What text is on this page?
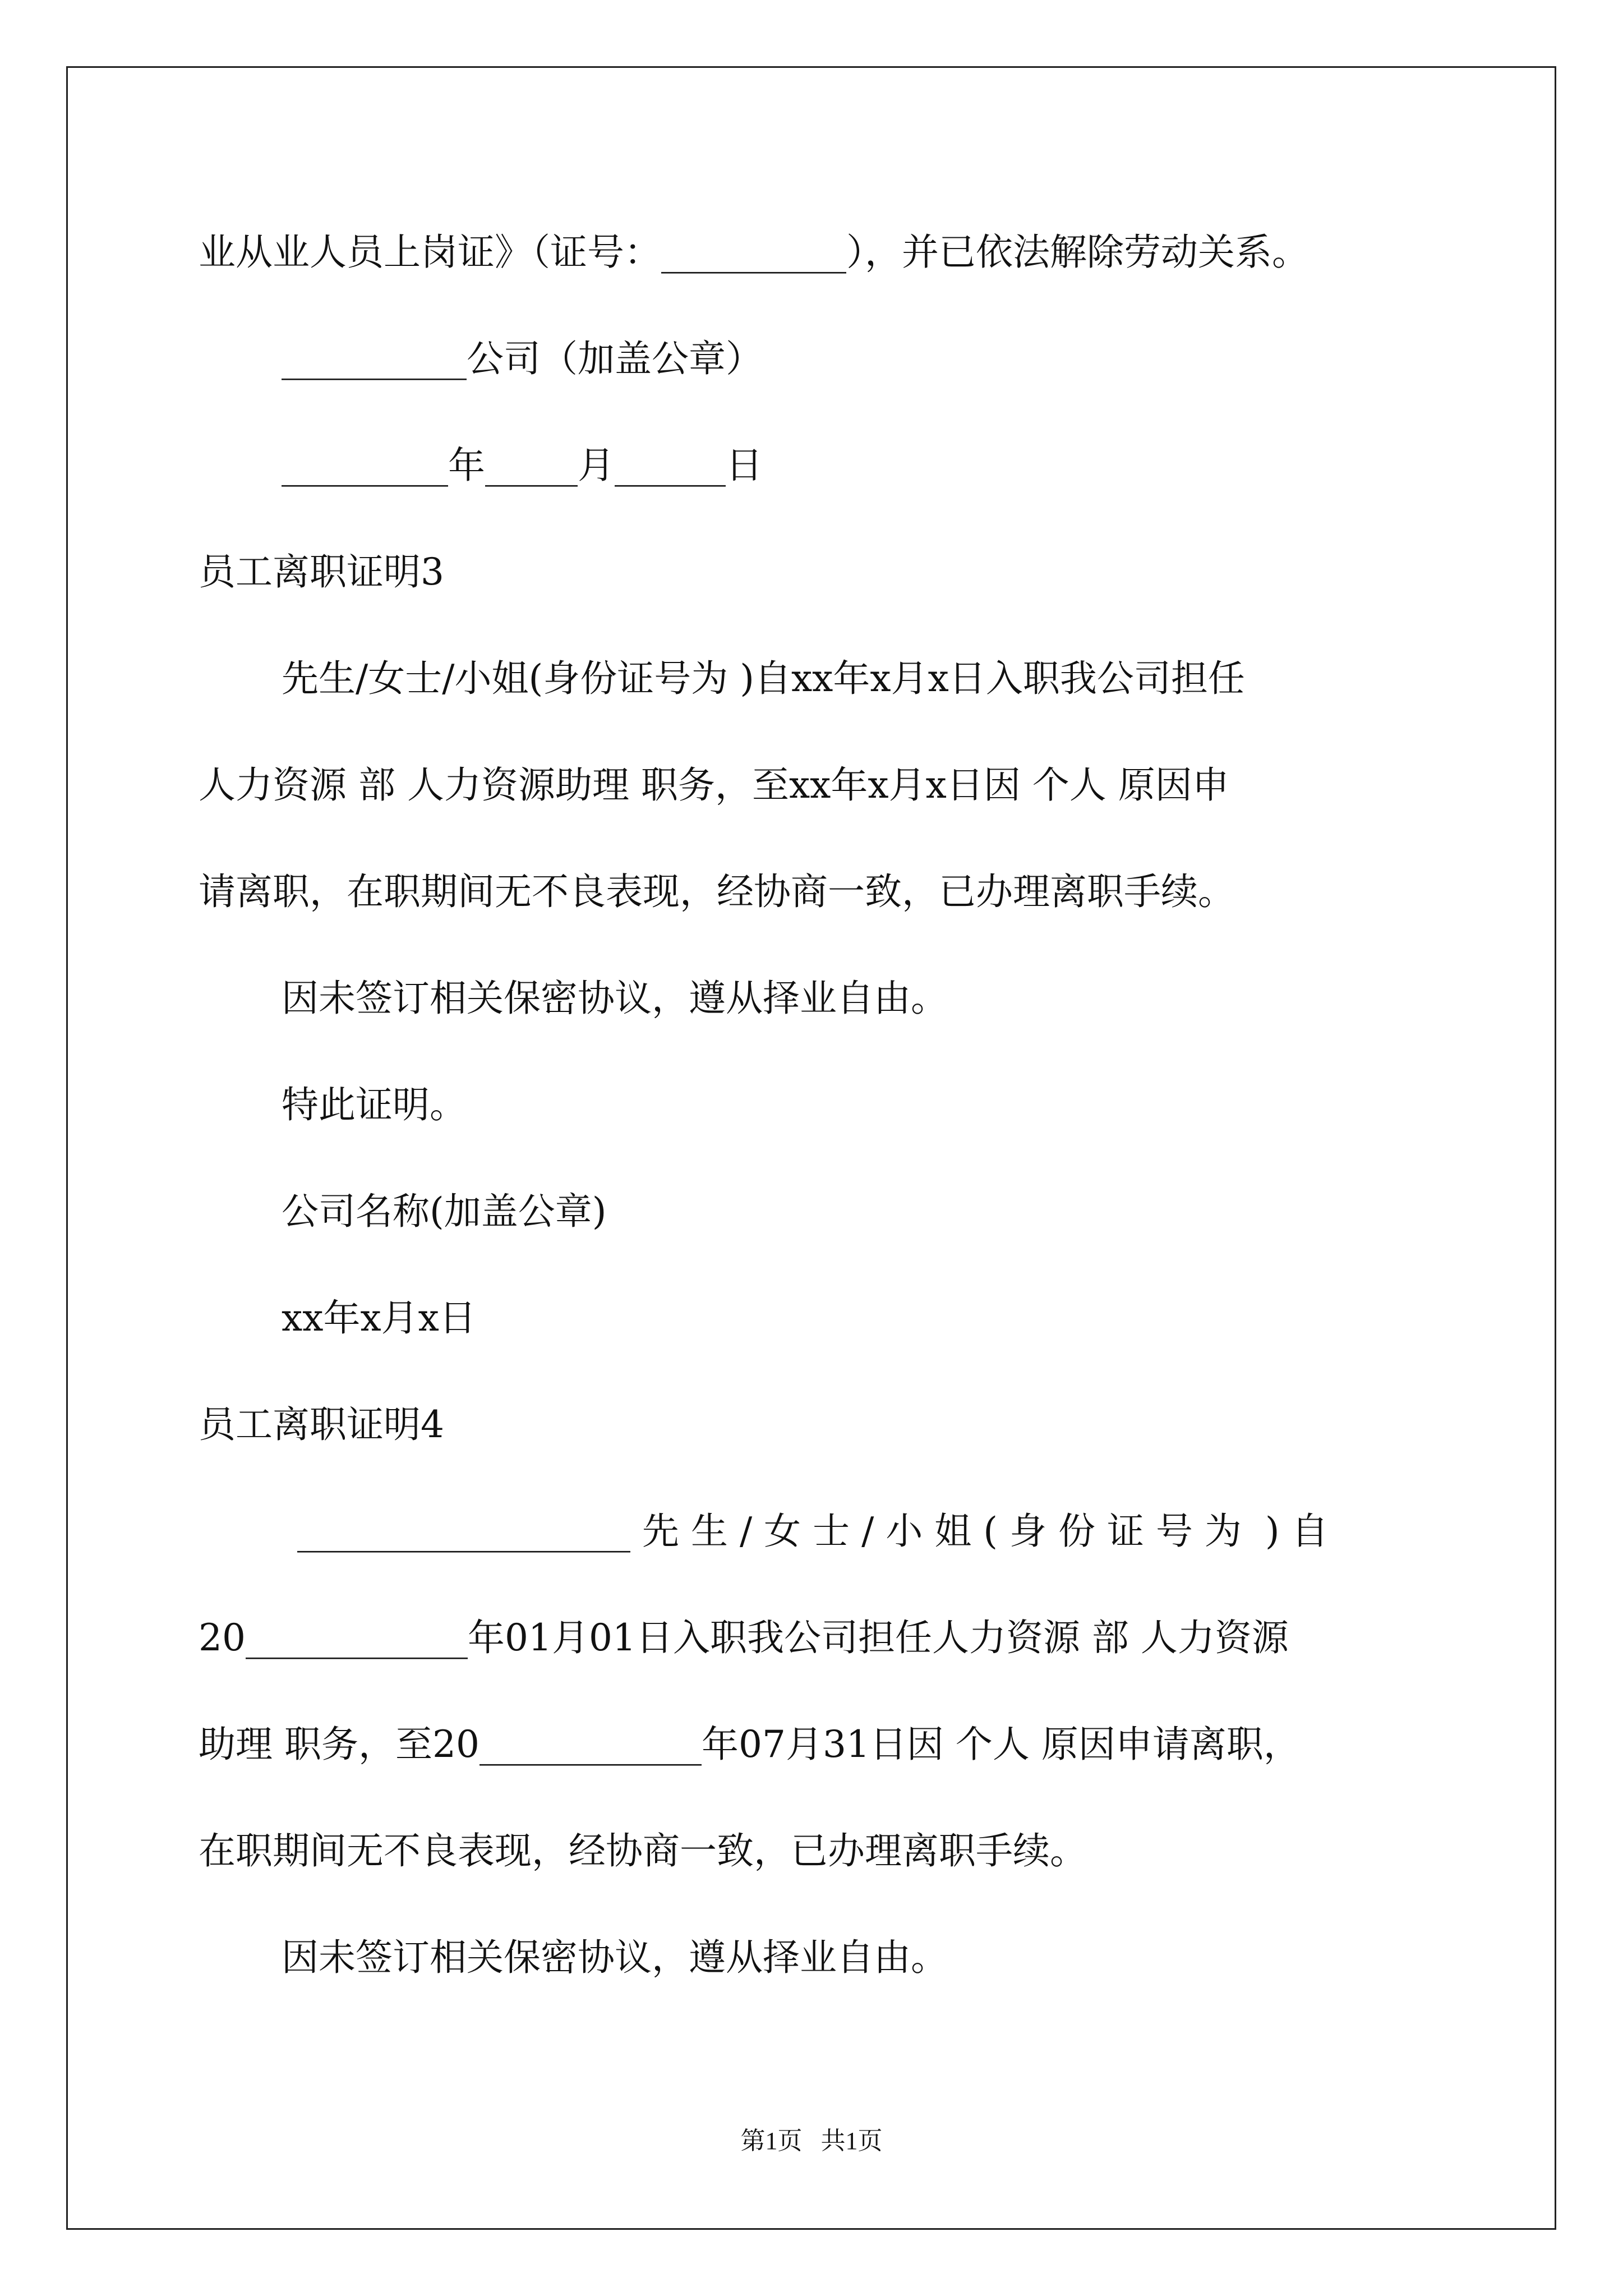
业从业人员上岗证》（证号：__________），并已依法解除劳动关系。
__________公司（加盖公章）
_________年_____月______日
员工离职证明3
先生/女士/小姐(身份证号为 )自xx年x月x日入职我公司担任
人力资源 部 人力资源助理 职务，至xx年x月x日因 个人 原因申
请离职，在职期间无不良表现，经协商一致，已办理离职手续。
因未签订相关保密协议，遵从择业自由。
特此证明。
公司名称(加盖公章)
xx年x月x日
员工离职证明4
__________________ 先 生 / 女 士 / 小 姐 ( 身 份 证 号 为  ) 自
20____________年01月01日入职我公司担任人力资源 部 人力资源
助理 职务，至20____________年07月31日因 个人 原因申请离职，
在职期间无不良表现，经协商一致，已办理离职手续。
因未签订相关保密协议，遵从择业自由。
第1页   共1页
